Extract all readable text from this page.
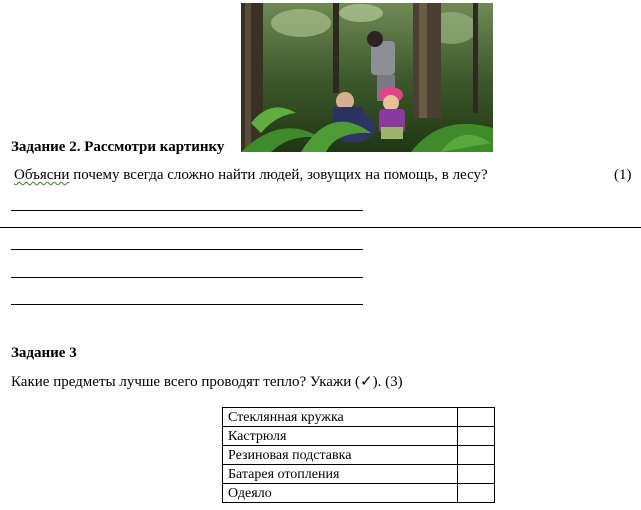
Задание 2. Рассмотри картинку
Объясни почему всегда сложно найти людей, зовущих на помощь, в лесу?	(1)
Задание 3
Какие предметы лучше всего проводят тепло? Укажи (✓). (3)
Стеклянная кружка	
Кастрюля	
Резиновая подставка	
Батарея отопления	
Одеяло	
